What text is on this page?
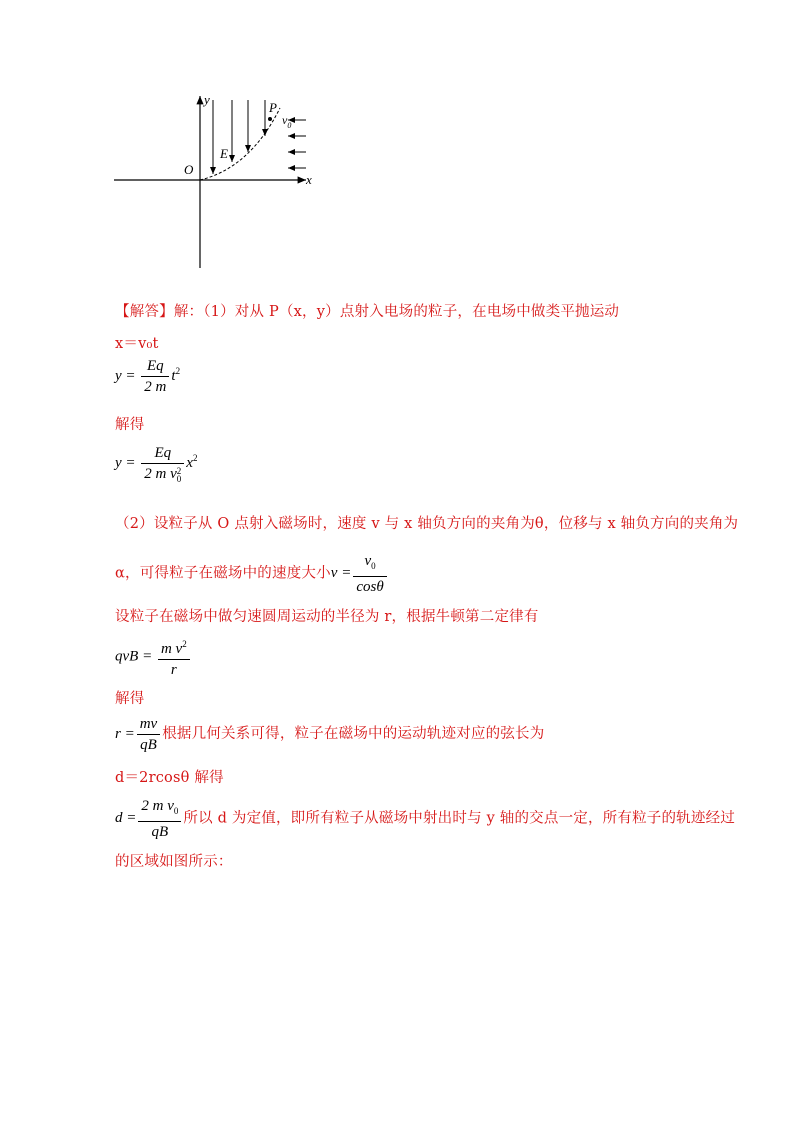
y
x
O
P
E
$v_0$
【解答】解：（1）对从 P（x，y）点射入电场的粒子，在电场中做类平抛运动
x＝v₀t
$y = \frac{Eq}{2 m} t^2$
解得
y = Eq
2 m v 2
0 $x^2$
（2）设粒子从 O 点射入磁场时，速度 v 与 x 轴负方向的夹角为θ，位移与 x 轴负方向的夹角为
α，可得粒子在磁场中的速度大小$v = \frac{v_0}{\cos\theta}$
设粒子在磁场中做匀速圆周运动的半径为 r，根据牛顿第二定律有
qvB = $\frac{m v^2}{r}$
解得
$r = \frac{mv}{qB}$ 根据几何关系可得，粒子在磁场中的运动轨迹对应的弦长为
d＝2rcosθ 解得
$d = \frac{2 m v_0}{qB}$ 所以 d 为定值，即所有粒子从磁场中射出时与 y 轴的交点一定，所有粒子的轨迹经过
的区域如图所示：
